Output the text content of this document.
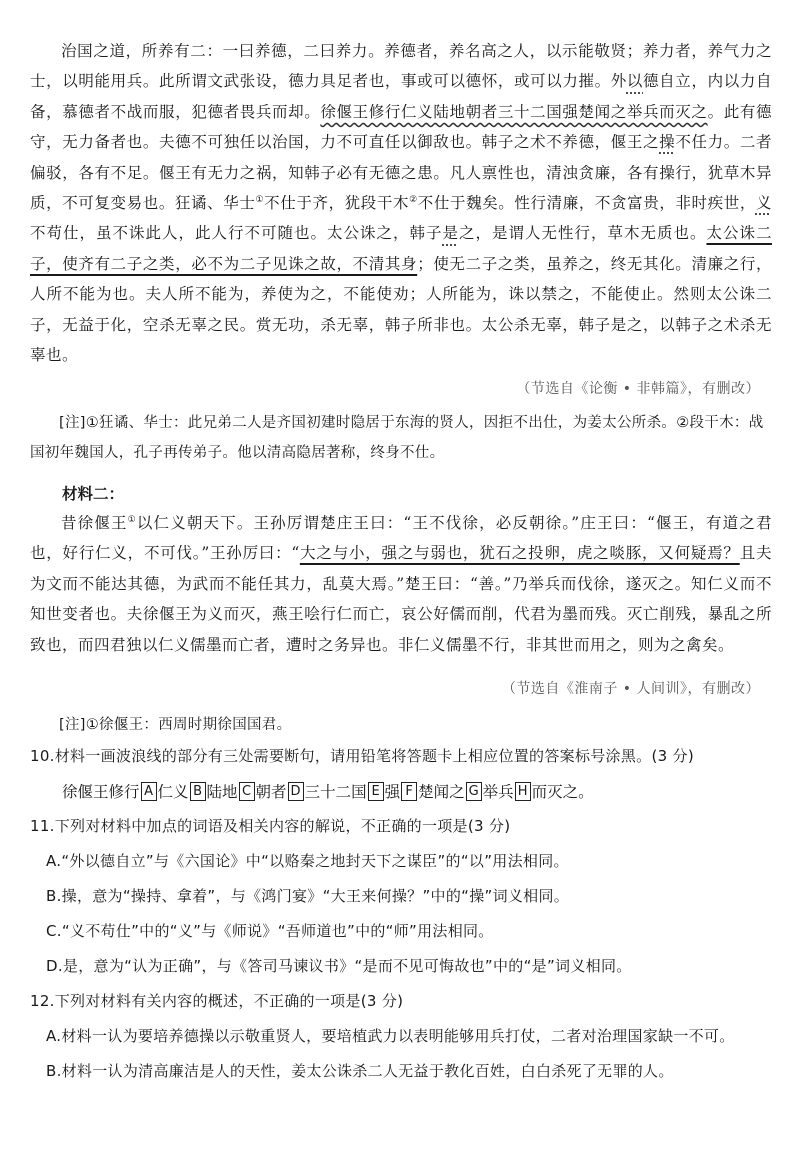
治国之道，所养有二：一曰养德，二曰养力。养德者，养名高之人，以示能敬贤；养力者，养气力之士，以明能用兵。此所谓文武张设，德力具足者也，事或可以德怀，或可以力摧。外以德自立，内以力自备，慕德者不战而服，犯德者畏兵而却。徐偃王修行仁义陆地朝者三十二国强楚闻之举兵而灭之。此有德守，无力备者也。夫德不可独任以治国，力不可直任以御敌也。韩子之术不养德，偃王之操不任力。二者偏驳，各有不足。偃王有无力之祸，知韩子必有无德之患。凡人禀性也，清浊贪廉，各有操行，犹草木异质，不可复变易也。狂谲、华士①不仕于齐，犹段干木②不仕于魏矣。性行清廉，不贪富贵，非时疾世，义不苟仕，虽不诛此人，此人行不可随也。太公诛之，韩子是之，是谓人无性行，草木无质也。太公诛二子，使齐有二子之类，必不为二子见诛之故，不清其身；使无二子之类，虽养之，终无其化。清廉之行，人所不能为也。夫人所不能为，养使为之，不能使劝；人所能为，诛以禁之，不能使止。然则太公诛二子，无益于化，空杀无辜之民。赏无功，杀无辜，韩子所非也。太公杀无辜，韩子是之，以韩子之术杀无辜也。
（节选自《论衡 • 非韩篇》，有删改）
[注]①狂谲、华士：此兄弟二人是齐国初建时隐居于东海的贤人，因拒不出仕，为姜太公所杀。②段干木：战国初年魏国人，孔子再传弟子。他以清高隐居著称，终身不仕。
材料二：
昔徐偃王①以仁义朝天下。王孙厉谓楚庄王曰：“王不伐徐，必反朝徐。”庄王曰：“偃王，有道之君也，好行仁义，不可伐。”王孙厉曰：“大之与小，强之与弱也，犹石之投卵，虎之啖豚，又何疑焉？且夫为文而不能达其德，为武而不能任其力，乱莫大焉。”楚王曰：“善。”乃举兵而伐徐，遂灭之。知仁义而不知世变者也。夫徐偃王为义而灭，燕王哙行仁而亡，哀公好儒而削，代君为墨而残。灭亡削残，暴乱之所致也，而四君独以仁义儒墨而亡者，遭时之务异也。非仁义儒墨不行，非其世而用之，则为之禽矣。
（节选自《淮南子 • 人间训》，有删改）
[注]①徐偃王：西周时期徐国国君。
10.材料一画波浪线的部分有三处需要断句，请用铅笔将答题卡上相应位置的答案标号涂黑。(3 分)
徐偃王修行 A 仁义 B 陆地 C 朝者 D 三十二国 E 强 F 楚闻之 G 举兵 H 而灭之。
11.下列对材料中加点的词语及相关内容的解说，不正确的一项是(3 分)
A.“外以德自立”与《六国论》中“以赂秦之地封天下之谋臣”的“以”用法相同。
B.操，意为“操持、拿着”，与《鸿门宴》“大王来何操？”中的“操”词义相同。
C.“义不苟仕”中的“义”与《师说》“吾师道也”中的“师”用法相同。
D.是，意为“认为正确”，与《答司马谏议书》“是而不见可悔故也”中的“是”词义相同。
12.下列对材料有关内容的概述，不正确的一项是(3 分)
A.材料一认为要培养德操以示敬重贤人，要培植武力以表明能够用兵打仗，二者对治理国家缺一不可。
B.材料一认为清高廉洁是人的天性，姜太公诛杀二人无益于教化百姓，白白杀死了无罪的人。
